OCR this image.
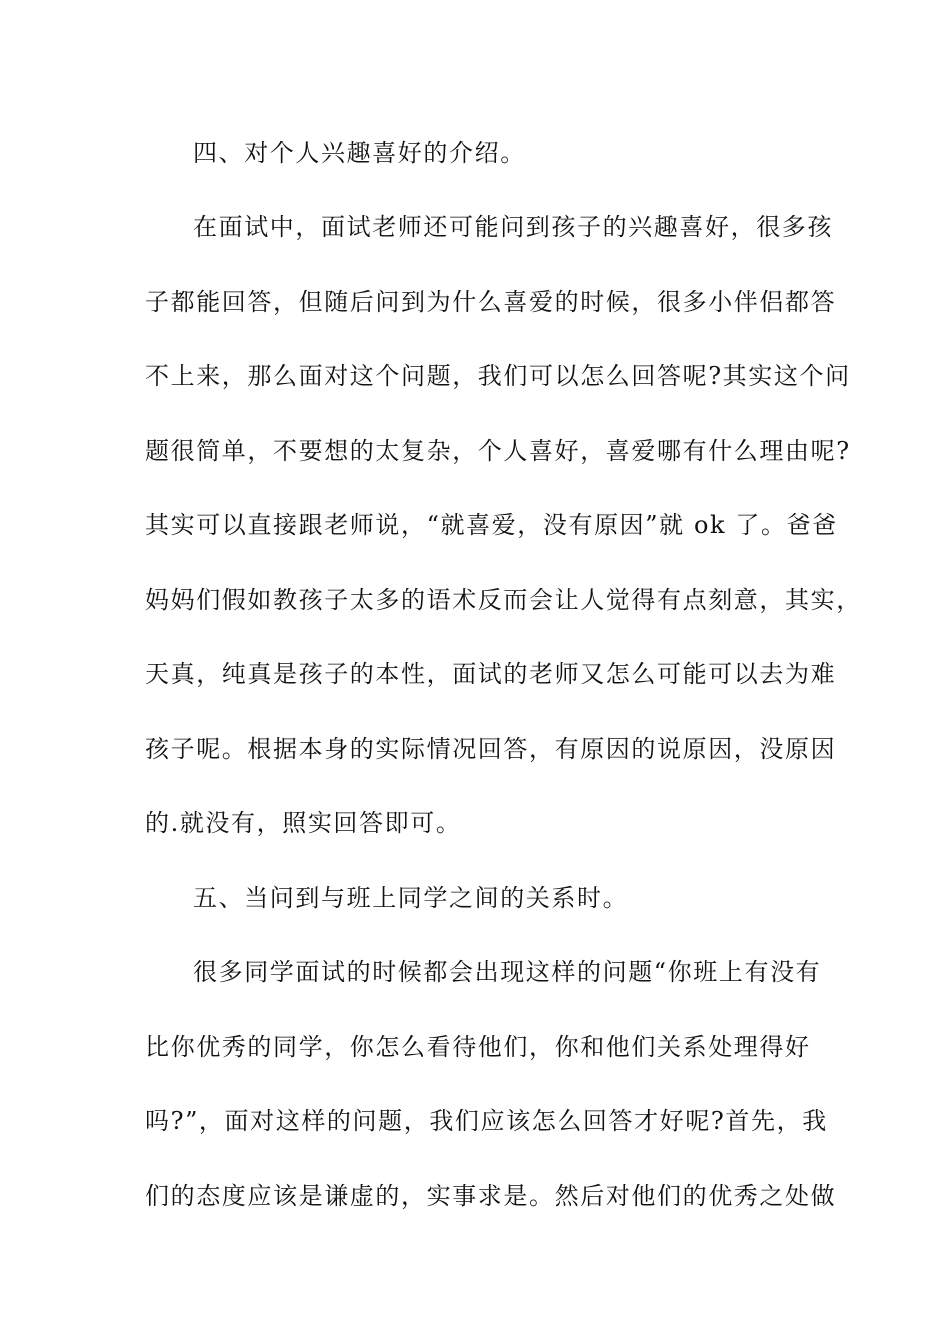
四、对个人兴趣喜好的介绍。
在面试中，面试老师还可能问到孩子的兴趣喜好，很多孩
子都能回答，但随后问到为什么喜爱的时候，很多小伴侣都答
不上来，那么面对这个问题，我们可以怎么回答呢?其实这个问
题很简单，不要想的太复杂，个人喜好，喜爱哪有什么理由呢?
其实可以直接跟老师说，“就喜爱，没有原因”就 ok 了。爸爸
妈妈们假如教孩子太多的语术反而会让人觉得有点刻意，其实，
天真，纯真是孩子的本性，面试的老师又怎么可能可以去为难
孩子呢。根据本身的实际情况回答，有原因的说原因，没原因
的.就没有，照实回答即可。
五、当问到与班上同学之间的关系时。
很多同学面试的时候都会出现这样的问题“你班上有没有
比你优秀的同学，你怎么看待他们，你和他们关系处理得好
吗?”，面对这样的问题，我们应该怎么回答才好呢?首先，我
们的态度应该是谦虚的，实事求是。然后对他们的优秀之处做
